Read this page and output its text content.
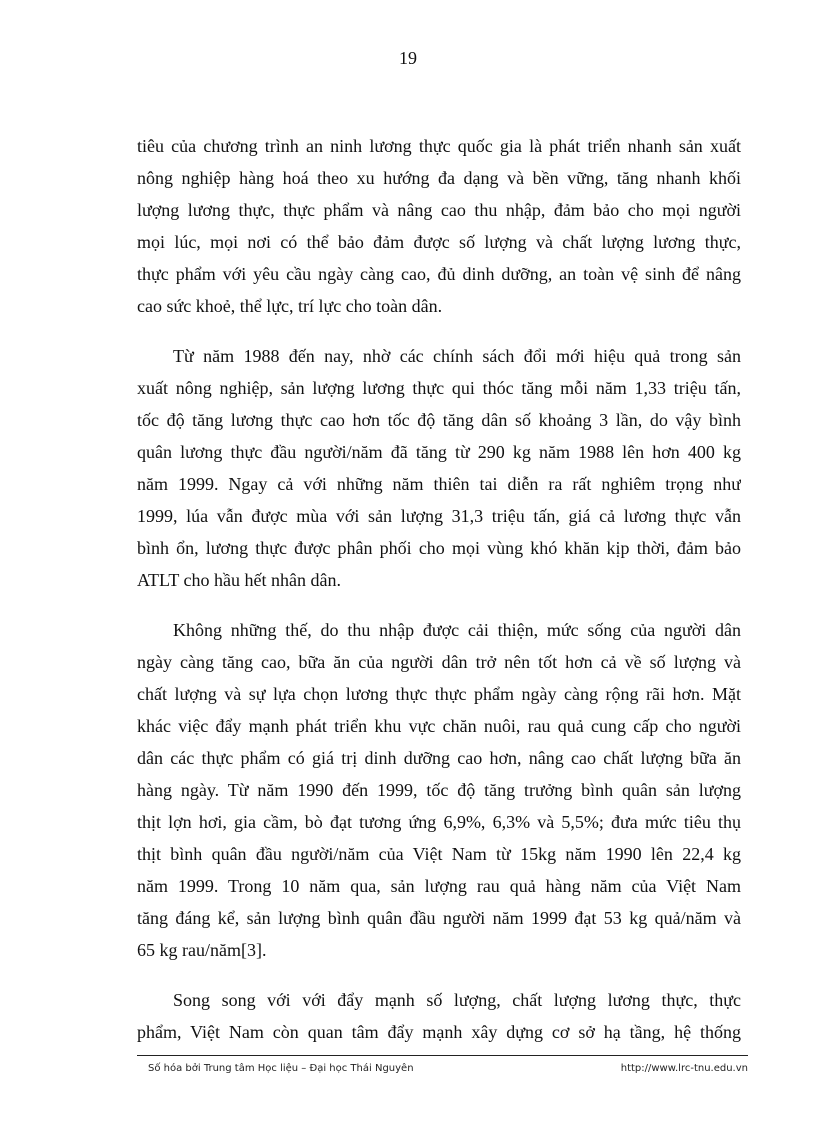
19

tiêu của chương trình an ninh lương thực quốc gia là phát triển nhanh sản xuất
nông nghiệp hàng hoá theo xu hướng đa dạng và bền vững, tăng nhanh khối
lượng lương thực, thực phẩm và nâng cao thu nhập, đảm bảo cho mọi người
mọi lúc, mọi nơi có thể bảo đảm được số lượng và chất lượng lương thực,
thực phẩm với yêu cầu ngày càng cao, đủ dinh dưỡng, an toàn vệ sinh để nâng
cao sức khoẻ, thể lực, trí lực cho toàn dân.

Từ năm 1988 đến nay, nhờ các chính sách đổi mới hiệu quả trong sản
xuất nông nghiệp, sản lượng lương thực qui thóc tăng mỗi năm 1,33 triệu tấn,
tốc độ tăng lương thực cao hơn tốc độ tăng dân số khoảng 3 lần, do vậy bình
quân lương thực đầu người/năm đã tăng từ 290 kg năm 1988 lên hơn 400 kg
năm 1999. Ngay cả với những năm thiên tai diễn ra rất nghiêm trọng như
1999, lúa vẫn được mùa với sản lượng 31,3 triệu tấn, giá cả lương thực vẫn
bình ổn, lương thực được phân phối cho mọi vùng khó khăn kịp thời, đảm bảo
ATLT cho hầu hết nhân dân.

Không những thế, do thu nhập được cải thiện, mức sống của người dân
ngày càng tăng cao, bữa ăn của người dân trở nên tốt hơn cả về số lượng và
chất lượng và sự lựa chọn lương thực thực phẩm ngày càng rộng rãi hơn. Mặt
khác việc đẩy mạnh phát triển khu vực chăn nuôi, rau quả cung cấp cho người
dân các thực phẩm có giá trị dinh dưỡng cao hơn, nâng cao chất lượng bữa ăn
hàng ngày. Từ năm 1990 đến 1999, tốc độ tăng trưởng bình quân sản lượng
thịt lợn hơi, gia cầm, bò đạt tương ứng 6,9%, 6,3% và 5,5%; đưa mức tiêu thụ
thịt bình quân đầu người/năm của Việt Nam từ 15kg năm 1990 lên 22,4 kg
năm 1999. Trong 10 năm qua, sản lượng rau quả hàng năm của Việt Nam
tăng đáng kể, sản lượng bình quân đầu người năm 1999 đạt 53 kg quả/năm và
65 kg rau/năm[3].

Song song với với đẩy mạnh số lượng, chất lượng lương thực, thực
phẩm, Việt Nam còn quan tâm đẩy mạnh xây dựng cơ sở hạ tầng, hệ thống

Số hóa bởi Trung tâm Học liệu – Đại học Thái Nguyên	http://www.lrc-tnu.edu.vn
